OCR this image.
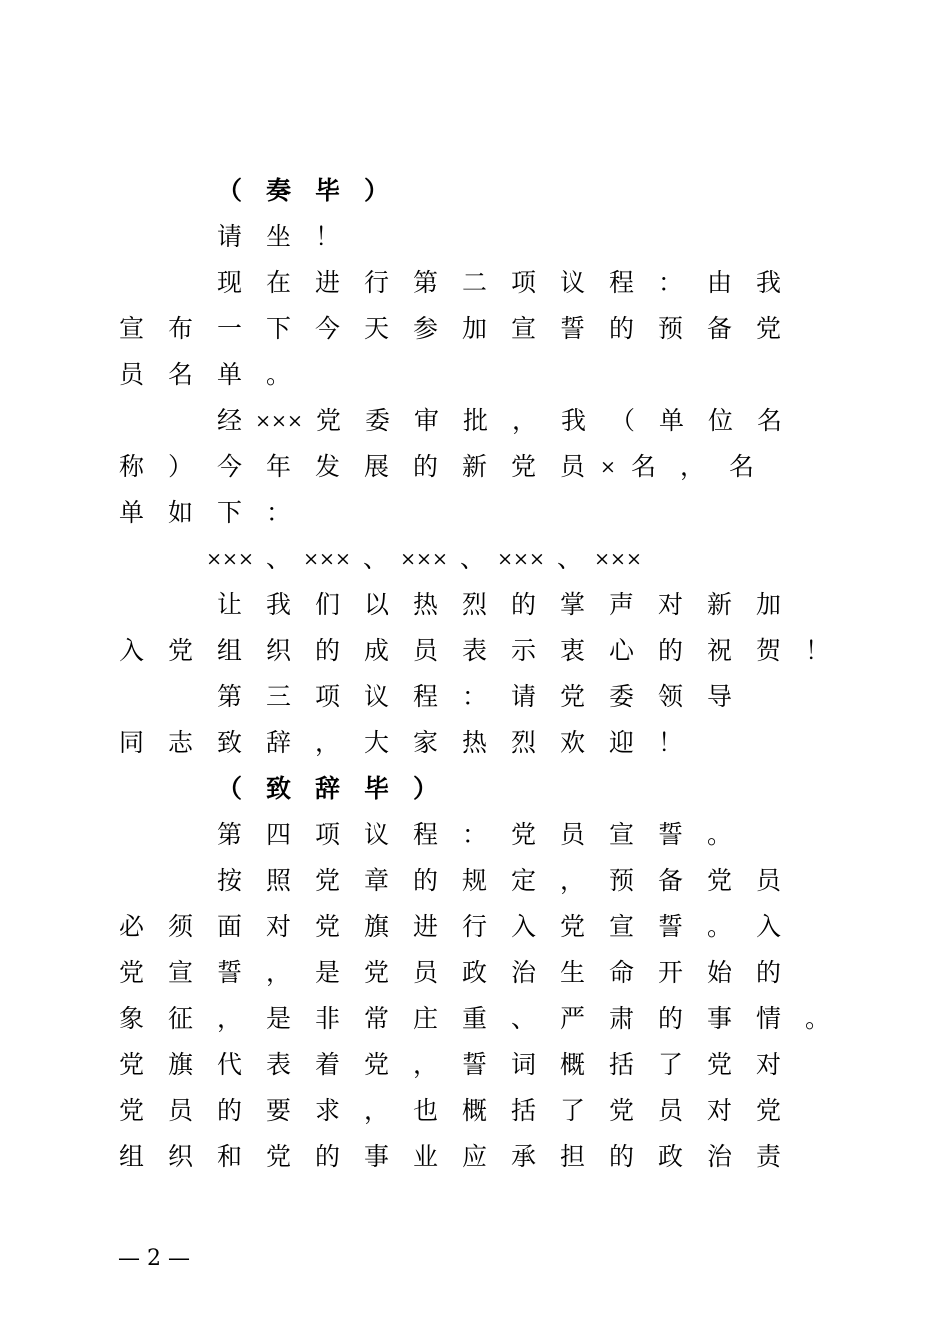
（ 奏 毕 ）
请 坐 ！
现 在 进 行 第 二 项 议 程 ： 由 我
宣 布 一 下 今 天 参 加 宣 誓 的 预 备 党
员 名 单 。
经 ××× 党 委 审 批 ， 我 （ 单 位 名
称 ） 今 年 发 展 的 新 党 员 × 名 ， 名
单 如 下 ：
××× 、 ××× 、 ××× 、 ××× 、 ×××
让 我 们 以 热 烈 的 掌 声 对 新 加
入 党 组 织 的 成 员 表 示 衷 心 的 祝 贺 ！
第 三 项 议 程 ： 请 党 委 领 导
同 志 致 辞 ， 大 家 热 烈 欢 迎 ！
（ 致 辞 毕 ）
第 四 项 议 程 ： 党 员 宣 誓 。
按 照 党 章 的 规 定 ， 预 备 党 员
必 须 面 对 党 旗 进 行 入 党 宣 誓 。 入
党 宣 誓 ， 是 党 员 政 治 生 命 开 始 的
象 征 ， 是 非 常 庄 重 、 严 肃 的 事 情 。
党 旗 代 表 着 党 ， 誓 词 概 括 了 党 对
党 员 的 要 求 ， 也 概 括 了 党 员 对 党
组 织 和 党 的 事 业 应 承 担 的 政 治 责
— 2 —
